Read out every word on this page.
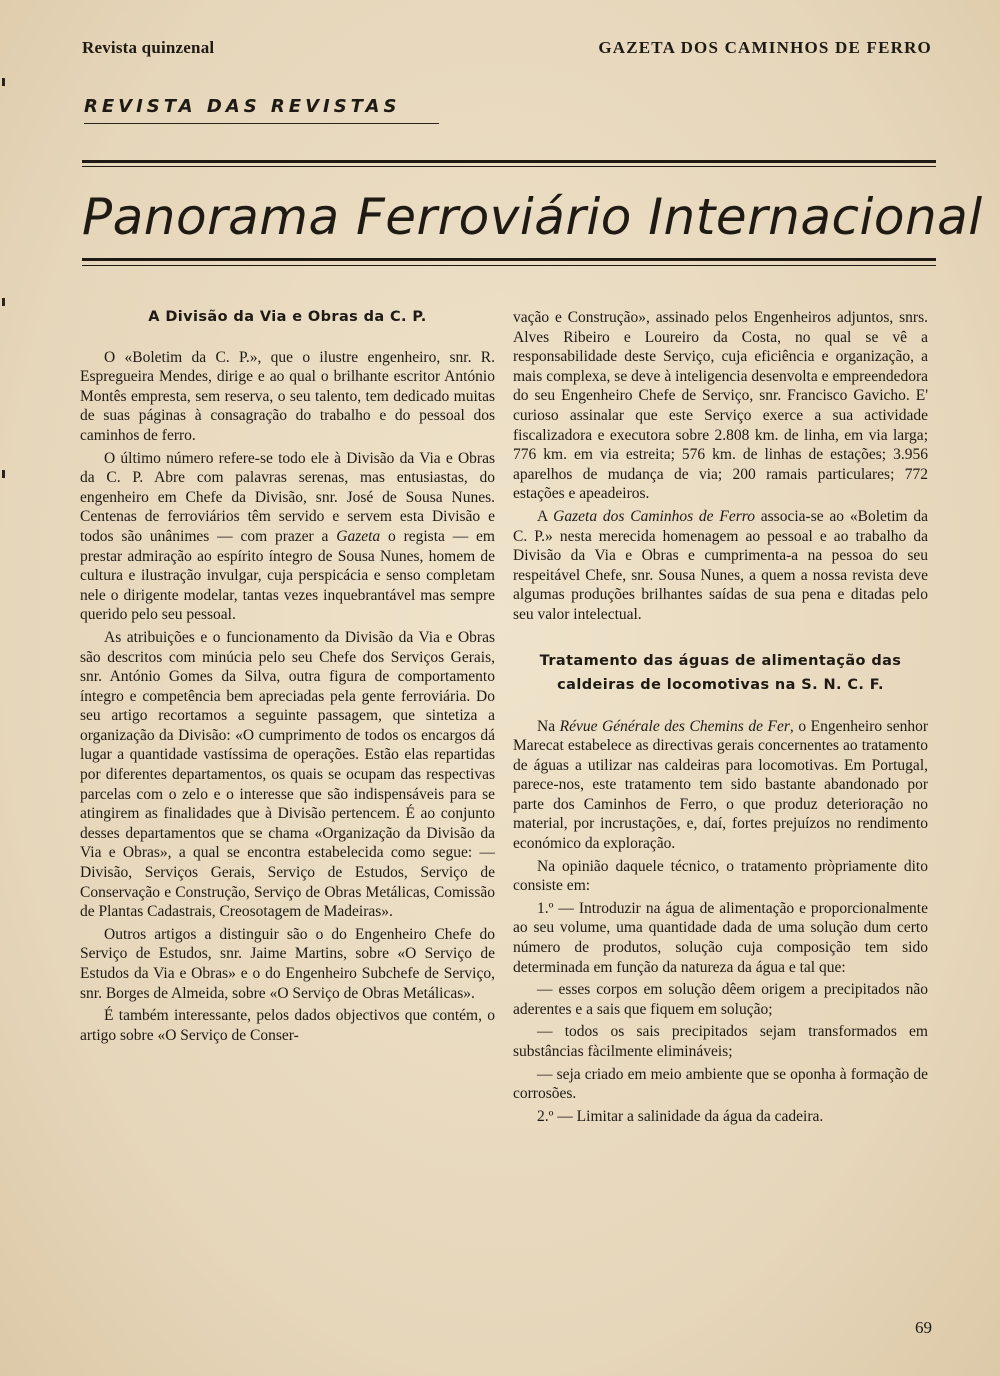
Revista quinzenal	GAZETA DOS CAMINHOS DE FERRO
REVISTA DAS REVISTAS
Panorama Ferroviário Internacional
A Divisão da Via e Obras da C. P.

O «Boletim da C. P.», que o ilustre engenheiro, snr. R. Espregueira Mendes, dirige e ao qual o brilhante escritor António Montês empresta, sem reserva, o seu talento, tem dedicado muitas de suas páginas à consagração do trabalho e do pessoal dos caminhos de ferro.

O último número refere-se todo ele à Divisão da Via e Obras da C. P. Abre com palavras serenas, mas entusiastas, do engenheiro em Chefe da Divisão, snr. José de Sousa Nunes. Centenas de ferroviários têm servido e servem esta Divisão e todos são unânimes — com prazer a Gazeta o regista — em prestar admiração ao espírito íntegro de Sousa Nunes, homem de cultura e ilustração invulgar, cuja perspicácia e senso completam nele o dirigente modelar, tantas vezes inquebrantável mas sempre querido pelo seu pessoal.

As atribuições e o funcionamento da Divisão da Via e Obras são descritos com minúcia pelo seu Chefe dos Serviços Gerais, snr. António Gomes da Silva, outra figura de comportamento íntegro e competência bem apreciadas pela gente ferroviária. Do seu artigo recortamos a seguinte passagem, que sintetiza a organização da Divisão: «O cumprimento de todos os encargos dá lugar a quantidade vastíssima de operações. Estão elas repartidas por diferentes departamentos, os quais se ocupam das respectivas parcelas com o zelo e o interesse que são indispensáveis para se atingirem as finalidades que à Divisão pertencem. É ao conjunto desses departamentos que se chama «Organização da Divisão da Via e Obras», a qual se encontra estabelecida como segue: — Divisão, Serviços Gerais, Serviço de Estudos, Serviço de Conservação e Construção, Serviço de Obras Metálicas, Comissão de Plantas Cadastrais, Creosotagem de Madeiras».

Outros artigos a distinguir são o do Engenheiro Chefe do Serviço de Estudos, snr. Jaime Martins, sobre «O Serviço de Estudos da Via e Obras» e o do Engenheiro Subchefe de Serviço, snr. Borges de Almeida, sobre «O Serviço de Obras Metálicas».

É também interessante, pelos dados objectivos que contém, o artigo sobre «O Serviço de Conser-

vação e Construção», assinado pelos Engenheiros adjuntos, snrs. Alves Ribeiro e Loureiro da Costa, no qual se vê a responsabilidade deste Serviço, cuja eficiência e organização, a mais complexa, se deve à inteligencia desenvolta e empreendedora do seu Engenheiro Chefe de Serviço, snr. Francisco Gavicho. E' curioso assinalar que este Serviço exerce a sua actividade fiscalizadora e executora sobre 2.808 km. de linha, em via larga; 776 km. em via estreita; 576 km. de linhas de estações; 3.956 aparelhos de mudança de via; 200 ramais particulares; 772 estações e apeadeiros.

A Gazeta dos Caminhos de Ferro associa-se ao «Boletim da C. P.» nesta merecida homenagem ao pessoal e ao trabalho da Divisão da Via e Obras e cumprimenta-a na pessoa do seu respeitável Chefe, snr. Sousa Nunes, a quem a nossa revista deve algumas produções brilhantes saídas de sua pena e ditadas pelo seu valor intelectual.

Tratamento das águas de alimentação das caldeiras de locomotivas na S. N. C. F.

Na Révue Générale des Chemins de Fer, o Engenheiro senhor Marecat estabelece as directivas gerais concernentes ao tratamento de águas a utilizar nas caldeiras para locomotivas. Em Portugal, parece-nos, este tratamento tem sido bastante abandonado por parte dos Caminhos de Ferro, o que produz deterioração no material, por incrustações, e, daí, fortes prejuízos no rendimento económico da exploração.

Na opinião daquele técnico, o tratamento pròpriamente dito consiste em:

1.º — Introduzir na água de alimentação e proporcionalmente ao seu volume, uma quantidade dada de uma solução dum certo número de produtos, solução cuja composição tem sido determinada em função da natureza da água e tal que:

— esses corpos em solução dêem origem a precipitados não aderentes e a sais que fiquem em solução;

— todos os sais precipitados sejam transformados em substâncias fàcilmente elimináveis;

— seja criado em meio ambiente que se oponha à formação de corrosões.

2.º — Limitar a salinidade da água da cadeira.

69
